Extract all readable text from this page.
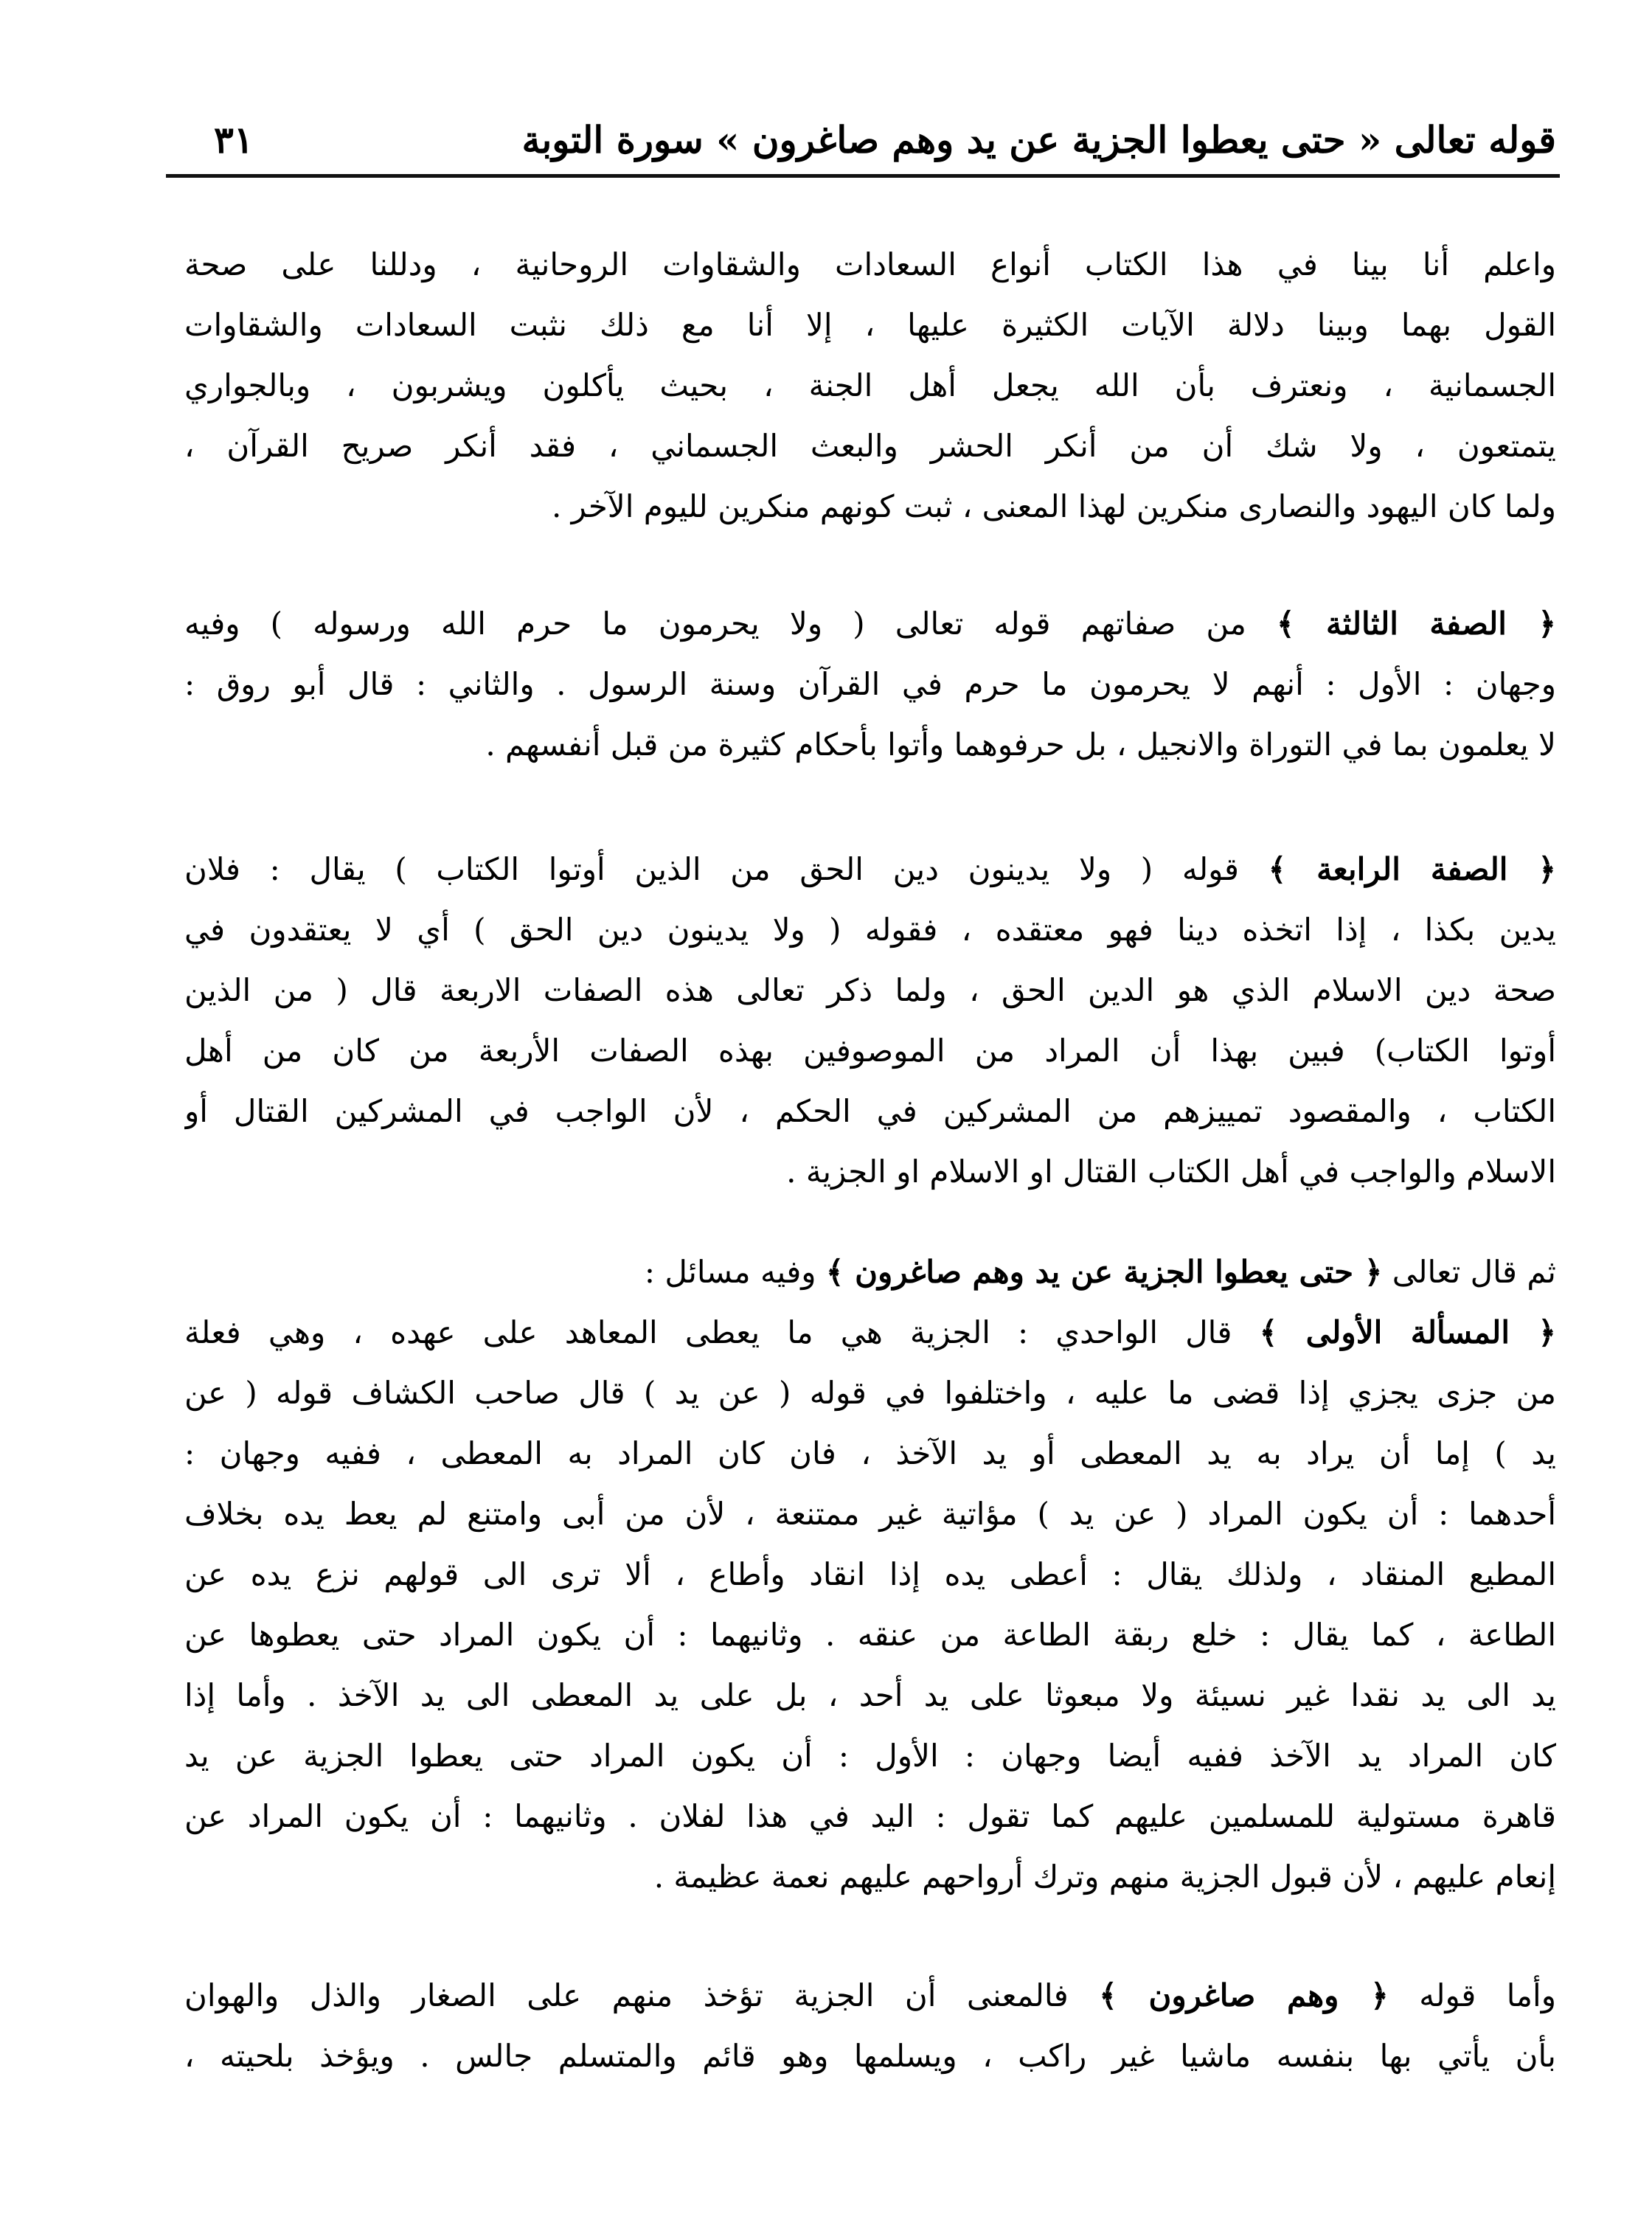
قوله تعالى « حتى يعطوا الجزية عن يد وهم صاغرون » سورة التوبة
٣١
واعلم أنا بينا في هذا الكتاب أنواع السعادات والشقاوات الروحانية ، ودللنا على صحة
القول بهما وبينا دلالة الآيات الكثيرة عليها ، إلا أنا مع ذلك نثبت السعادات والشقاوات
الجسمانية ، ونعترف بأن الله يجعل أهل الجنة ، بحيث يأكلون ويشربون ، وبالجواري
يتمتعون ، ولا شك أن من أنكر الحشر والبعث الجسماني ، فقد أنكر صريح القرآن ،
ولما كان اليهود والنصارى منكرين لهذا المعنى ، ثبت كونهم منكرين لليوم الآخر .
﴿ الصفة الثالثة ﴾ من صفاتهم قوله تعالى ( ولا يحرمون ما حرم الله ورسوله ) وفيه
وجهان : الأول : أنهم لا يحرمون ما حرم في القرآن وسنة الرسول . والثاني : قال أبو روق :
لا يعلمون بما في التوراة والانجيل ، بل حرفوهما وأتوا بأحكام كثيرة من قبل أنفسهم .
﴿ الصفة الرابعة ﴾ قوله ( ولا يدينون دين الحق من الذين أوتوا الكتاب ) يقال : فلان
يدين بكذا ، إذا اتخذه دينا فهو معتقده ، فقوله ( ولا يدينون دين الحق ) أي لا يعتقدون في
صحة دين الاسلام الذي هو الدين الحق ، ولما ذكر تعالى هذه الصفات الاربعة قال ( من الذين
أوتوا الكتاب) فبين بهذا أن المراد من الموصوفين بهذه الصفات الأربعة من كان من أهل
الكتاب ، والمقصود تمييزهم من المشركين في الحكم ، لأن الواجب في المشركين القتال أو
الاسلام والواجب في أهل الكتاب القتال او الاسلام او الجزية .
ثم قال تعالى ﴿ حتى يعطوا الجزية عن يد وهم صاغرون ﴾ وفيه مسائل :
﴿ المسألة الأولى ﴾ قال الواحدي : الجزية هي ما يعطى المعاهد على عهده ، وهي فعلة
من جزى يجزي إذا قضى ما عليه ، واختلفوا في قوله ( عن يد ) قال صاحب الكشاف قوله ( عن
يد ) إما أن يراد به يد المعطى أو يد الآخذ ، فان كان المراد به المعطى ، ففيه وجهان :
أحدهما : أن يكون المراد ( عن يد ) مؤاتية غير ممتنعة ، لأن من أبى وامتنع لم يعط يده بخلاف
المطيع المنقاد ، ولذلك يقال : أعطى يده إذا انقاد وأطاع ، ألا ترى الى قولهم نزع يده عن
الطاعة ، كما يقال : خلع ربقة الطاعة من عنقه . وثانيهما : أن يكون المراد حتى يعطوها عن
يد الى يد نقدا غير نسيئة ولا مبعوثا على يد أحد ، بل على يد المعطى الى يد الآخذ . وأما إذا
كان المراد يد الآخذ ففيه أيضا وجهان : الأول : أن يكون المراد حتى يعطوا الجزية عن يد
قاهرة مستولية للمسلمين عليهم كما تقول : اليد في هذا لفلان . وثانيهما : أن يكون المراد عن
إنعام عليهم ، لأن قبول الجزية منهم وترك أرواحهم عليهم نعمة عظيمة .
وأما قوله ﴿ وهم صاغرون ﴾ فالمعنى أن الجزية تؤخذ منهم على الصغار والذل والهوان
بأن يأتي بها بنفسه ماشيا غير راكب ، ويسلمها وهو قائم والمتسلم جالس . ويؤخذ بلحيته ،
